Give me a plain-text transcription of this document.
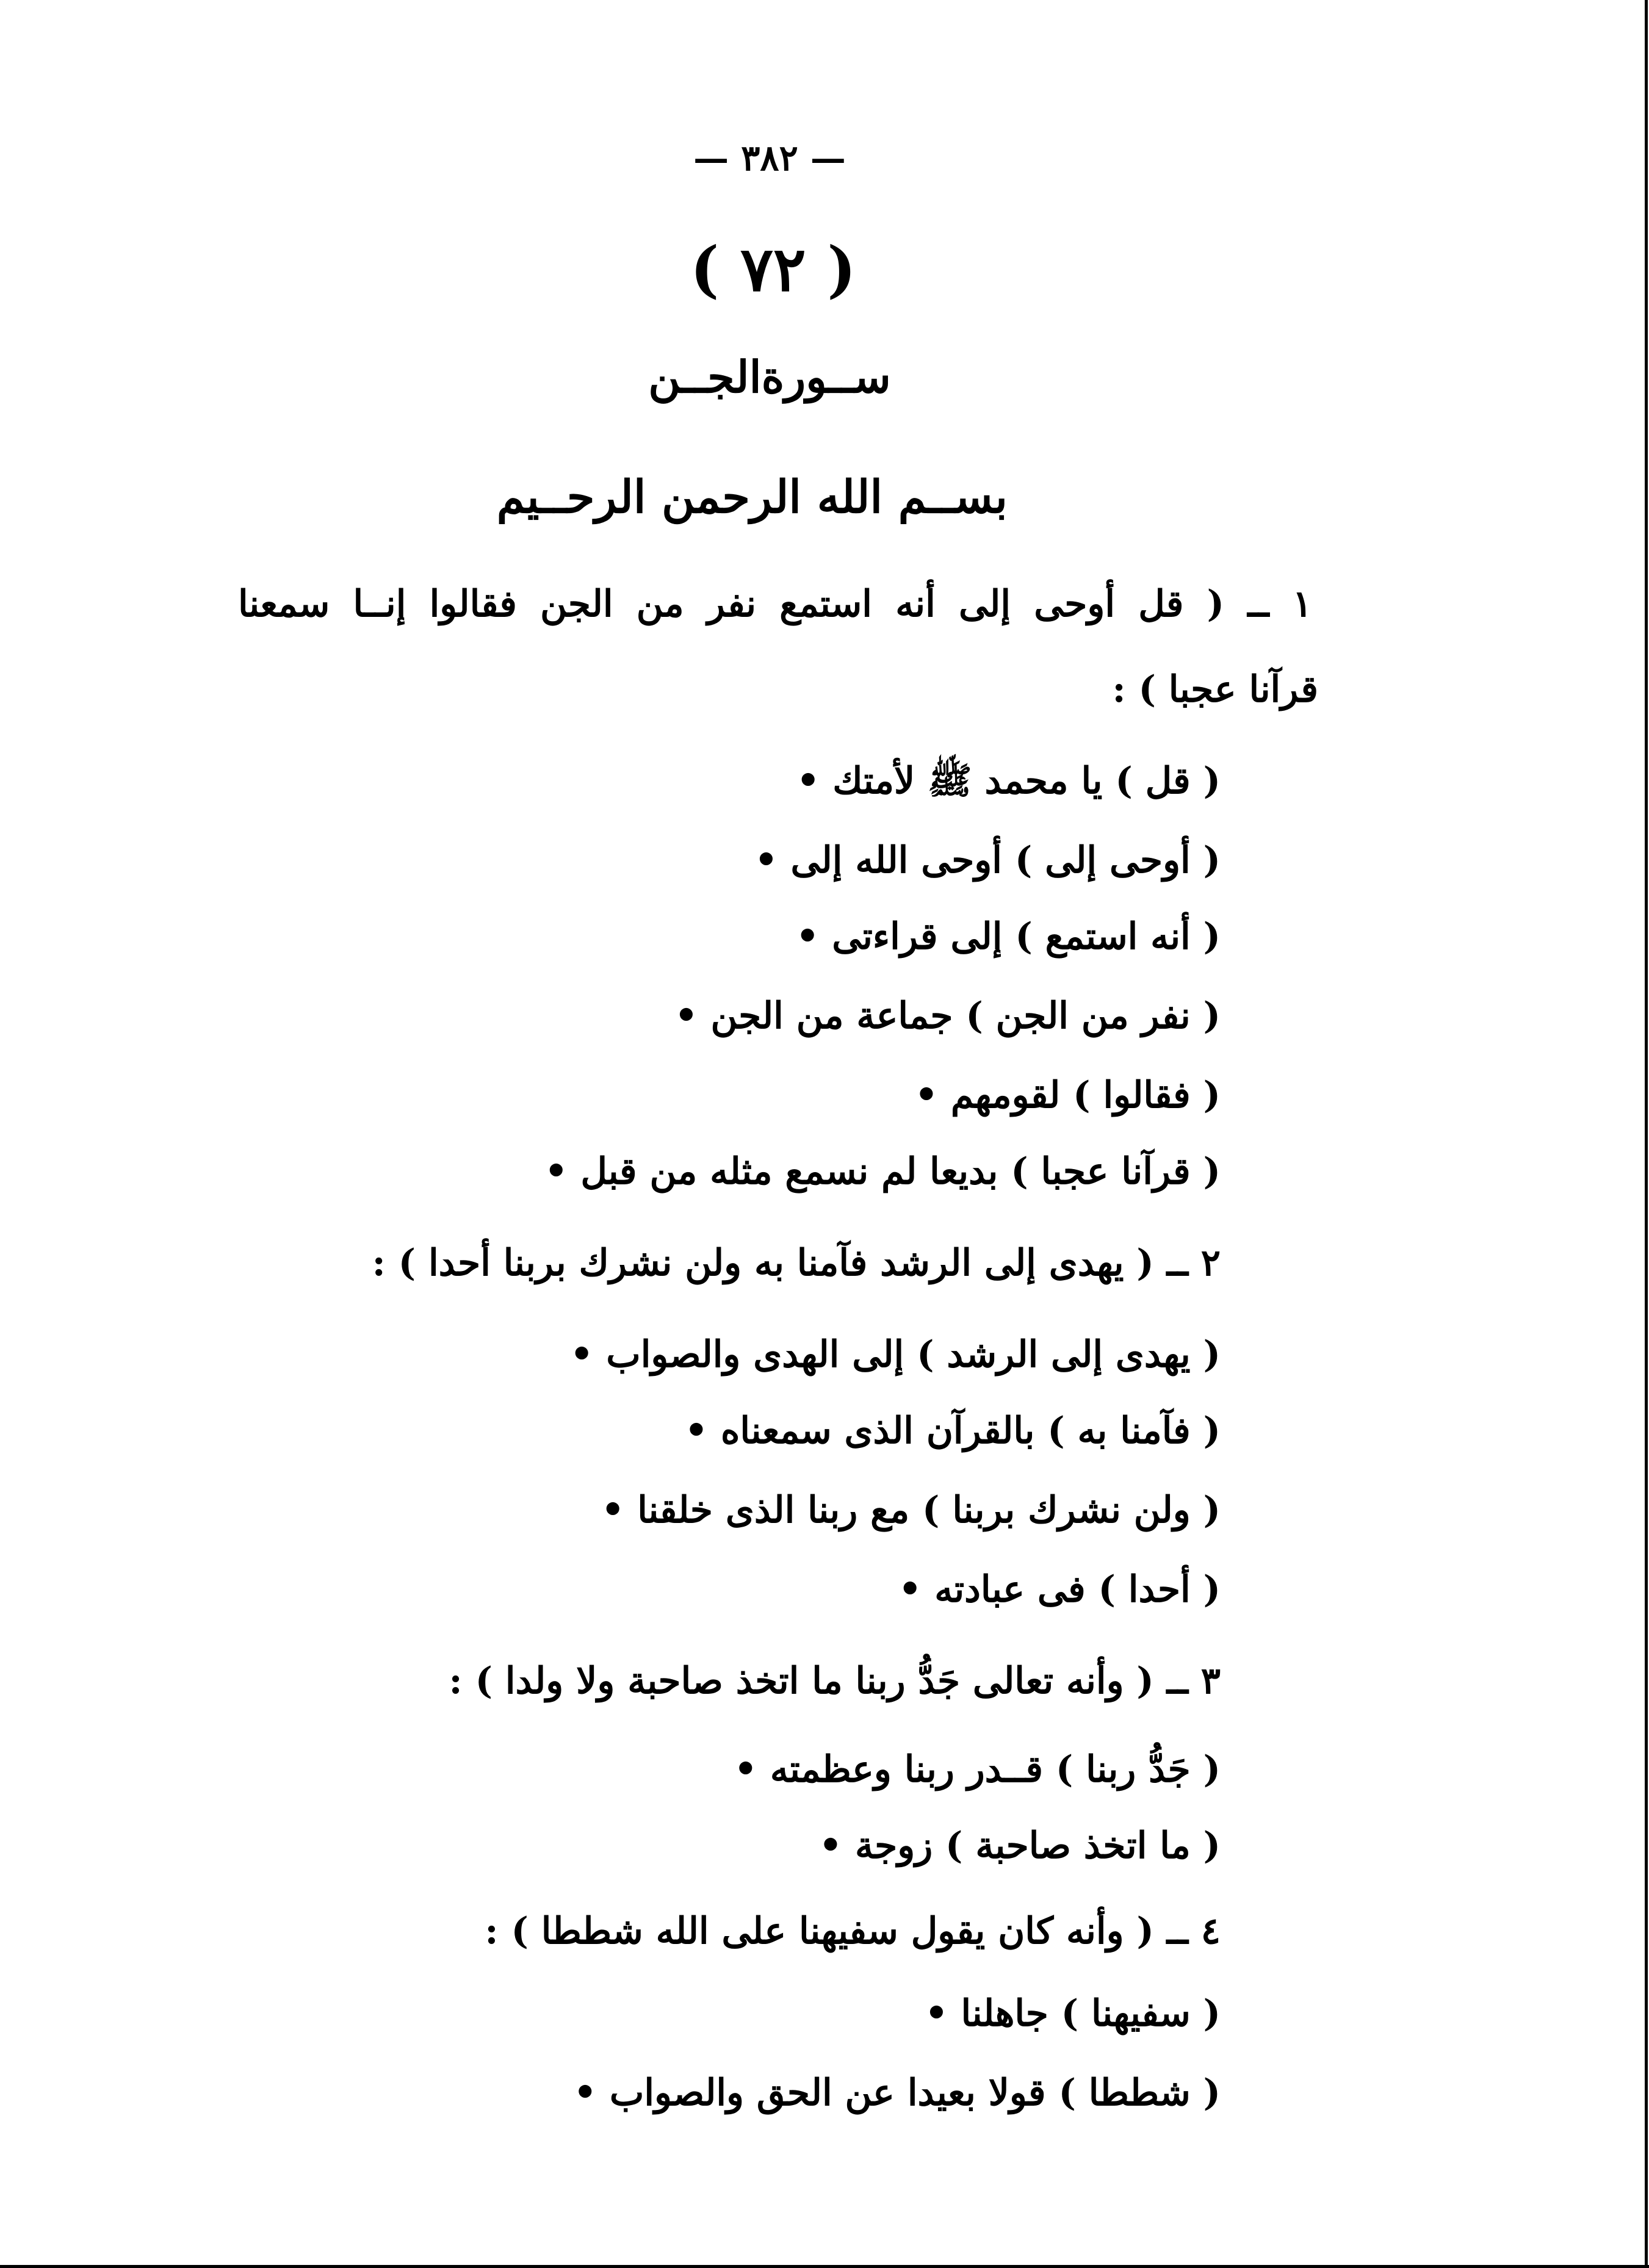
— ٣٨٢ —
( ٧٢ )
ســورةالجــن
بســم الله الرحمن الرحــيم
١ ــ ( قل أوحى إلى أنه استمع نفر من الجن فقالوا إنــا سمعنا
قرآنا عجبا ) :
( قل ) يا محمد ﷺ لأمتك •
( أوحى إلى ) أوحى الله إلى •
( أنه استمع ) إلى قراءتى •
( نفر من الجن ) جماعة من الجن •
( فقالوا ) لقومهم •
( قرآنا عجبا ) بديعا لم نسمع مثله من قبل •
٢ ــ ( يهدى إلى الرشد فآمنا به ولن نشرك بربنا أحدا ) :
( يهدى إلى الرشد ) إلى الهدى والصواب •
( فآمنا به ) بالقرآن الذى سمعناه •
( ولن نشرك بربنا ) مع ربنا الذى خلقنا •
( أحدا ) فى عبادته •
٣ ــ ( وأنه تعالى جَدُّ ربنا ما اتخذ صاحبة ولا ولدا ) :
( جَدُّ ربنا ) قــدر ربنا وعظمته •
( ما اتخذ صاحبة ) زوجة •
٤ ــ ( وأنه كان يقول سفيهنا على الله شططا ) :
( سفيهنا ) جاهلنا •
( شططا ) قولا بعيدا عن الحق والصواب •
